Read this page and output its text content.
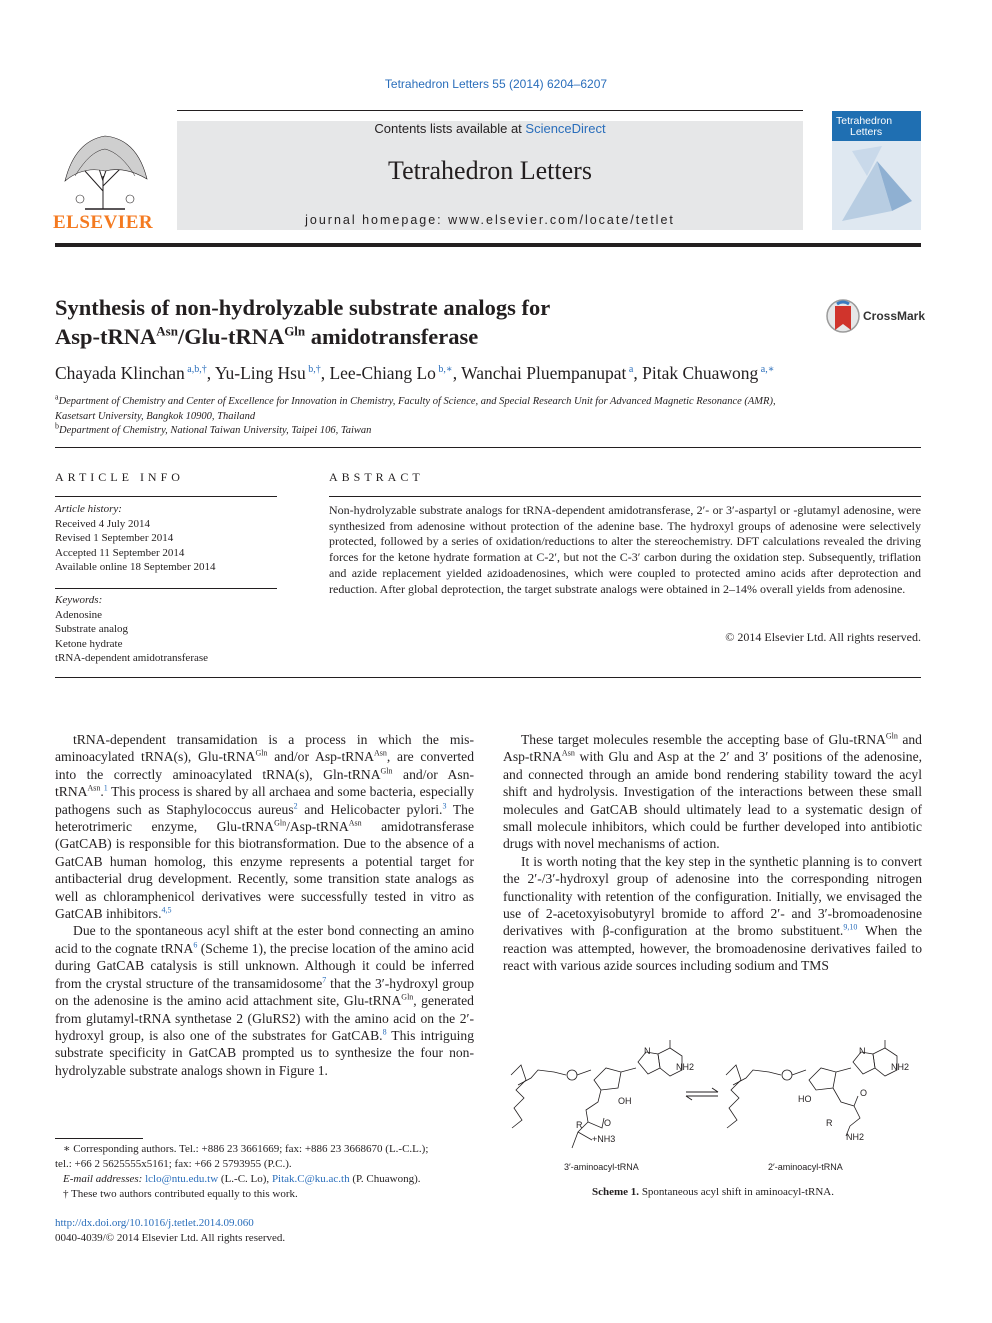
Tetrahedron Letters 55 (2014) 6204–6207
ELSEVIER
Contents lists available at ScienceDirect
Tetrahedron Letters
journal homepage: www.elsevier.com/locate/tetlet
Tetrahedron
Letters
Synthesis of non-hydrolyzable substrate analogs for
Asp-tRNA$^{Asn}$/Glu-tRNA$^{Gln}$ amidotransferase
CrossMark
Chayada Klinchan $^{a,b,\dagger}$, Yu-Ling Hsu $^{b,\dagger}$, Lee-Chiang Lo $^{b,∗}$, Wanchai Pluempanupat $^a$, Pitak Chuawong $^{a,∗}$
$^a$Department of Chemistry and Center of Excellence for Innovation in Chemistry, Faculty of Science, and Special Research Unit for Advanced Magnetic Resonance (AMR),
Kasetsart University, Bangkok 10900, Thailand
$^b$Department of Chemistry, National Taiwan University, Taipei 106, Taiwan
ARTICLE INFO
Article history:
Received 4 July 2014
Revised 1 September 2014
Accepted 11 September 2014
Available online 18 September 2014
Keywords:
Adenosine
Substrate analog
Ketone hydrate
tRNA-dependent amidotransferase
ABSTRACT
Non-hydrolyzable substrate analogs for tRNA-dependent amidotransferase, 2′- or 3′-aspartyl or -glutamyl adenosine, were synthesized from adenosine without protection of the adenine base. The hydroxyl groups of adenosine were selectively protected, followed by a series of oxidation/reductions to alter the stereochemistry. DFT calculations revealed the driving forces for the ketone hydrate formation at C-2′, but not the C-3′ carbon during the oxidation step. Subsequently, triflation and azide replacement yielded azidoadenosines, which were coupled to protected amino acids after deprotection and reduction. After global deprotection, the target substrate analogs were obtained in 2–14% overall yields from adenosine.
© 2014 Elsevier Ltd. All rights reserved.

tRNA-dependent transamidation is a process in which the mis-aminoacylated tRNA(s), Glu-tRNA$^{Gln}$ and/or Asp-tRNA$^{Asn}$, are converted into the correctly aminoacylated tRNA(s), Gln-tRNA$^{Gln}$ and/or Asn-tRNA$^{Asn}$.$^1$ This process is shared by all archaea and some bacteria, especially pathogens such as Staphylococcus aureus$^2$ and Helicobacter pylori.$^3$ The heterotrimeric enzyme, Glu-tRNA$^{Gln}$/Asp-tRNA$^{Asn}$ amidotransferase (GatCAB) is responsible for this biotransformation. Due to the absence of a GatCAB human homolog, this enzyme represents a potential target for antibacterial drug development. Recently, some transition state analogs as well as chloramphenicol derivatives were successfully tested in vitro as GatCAB inhibitors.$^{4,5}$

Due to the spontaneous acyl shift at the ester bond connecting an amino acid to the cognate tRNA$^6$ (Scheme 1), the precise location of the amino acid during GatCAB catalysis is still unknown. Although it could be inferred from the crystal structure of the transamidosome$^7$ that the 3′-hydroxyl group on the adenosine is the amino acid attachment site, Glu-tRNA$^{Gln}$, generated from glutamyl-tRNA synthetase 2 (GluRS2) with the amino acid on the 2′-hydroxyl group, is also one of the substrates for GatCAB.$^8$ This intriguing substrate specificity in GatCAB prompted us to synthesize the four non-hydrolyzable substrate analogs shown in Figure 1.

These target molecules resemble the accepting base of Glu-tRNA$^{Gln}$ and Asp-tRNA$^{Asn}$ with Glu and Asp at the 2′ and 3′ positions of the adenosine, and connected through an amide bond rendering stability toward the acyl shift and hydrolysis. Investigation of the interactions between these small molecules and GatCAB should ultimately lead to a systematic design of small molecule inhibitors, which could be further developed into antibiotic drugs with novel mechanisms of action.

It is worth noting that the key step in the synthetic planning is to convert the 2′-/3′-hydroxyl group of adenosine into the corresponding nitrogen functionality with retention of the configuration. Initially, we envisaged the use of 2-acetoxyisobutyryl bromide to afford 2′- and 3′-bromoadenosine derivatives with β-configuration at the bromo substituent.$^{9,10}$ When the reaction was attempted, however, the bromoadenosine derivatives failed to react with various azide sources including sodium and TMS

N
NH2
OH
O
R
+NH3
N
NH2
HO
O
R
NH2
3′-aminoacyl-tRNA	2′-aminoacyl-tRNA
Scheme 1. Spontaneous acyl shift in aminoacyl-tRNA.
∗ Corresponding authors. Tel.: +886 23 3661669; fax: +886 23 3668670 (L.-C.L.);
tel.: +66 2 5625555x5161; fax: +66 2 5793955 (P.C.).
E-mail addresses: lclo@ntu.edu.tw (L.-C. Lo), Pitak.C@ku.ac.th (P. Chuawong).
† These two authors contributed equally to this work.
http://dx.doi.org/10.1016/j.tetlet.2014.09.060
0040-4039/© 2014 Elsevier Ltd. All rights reserved.
